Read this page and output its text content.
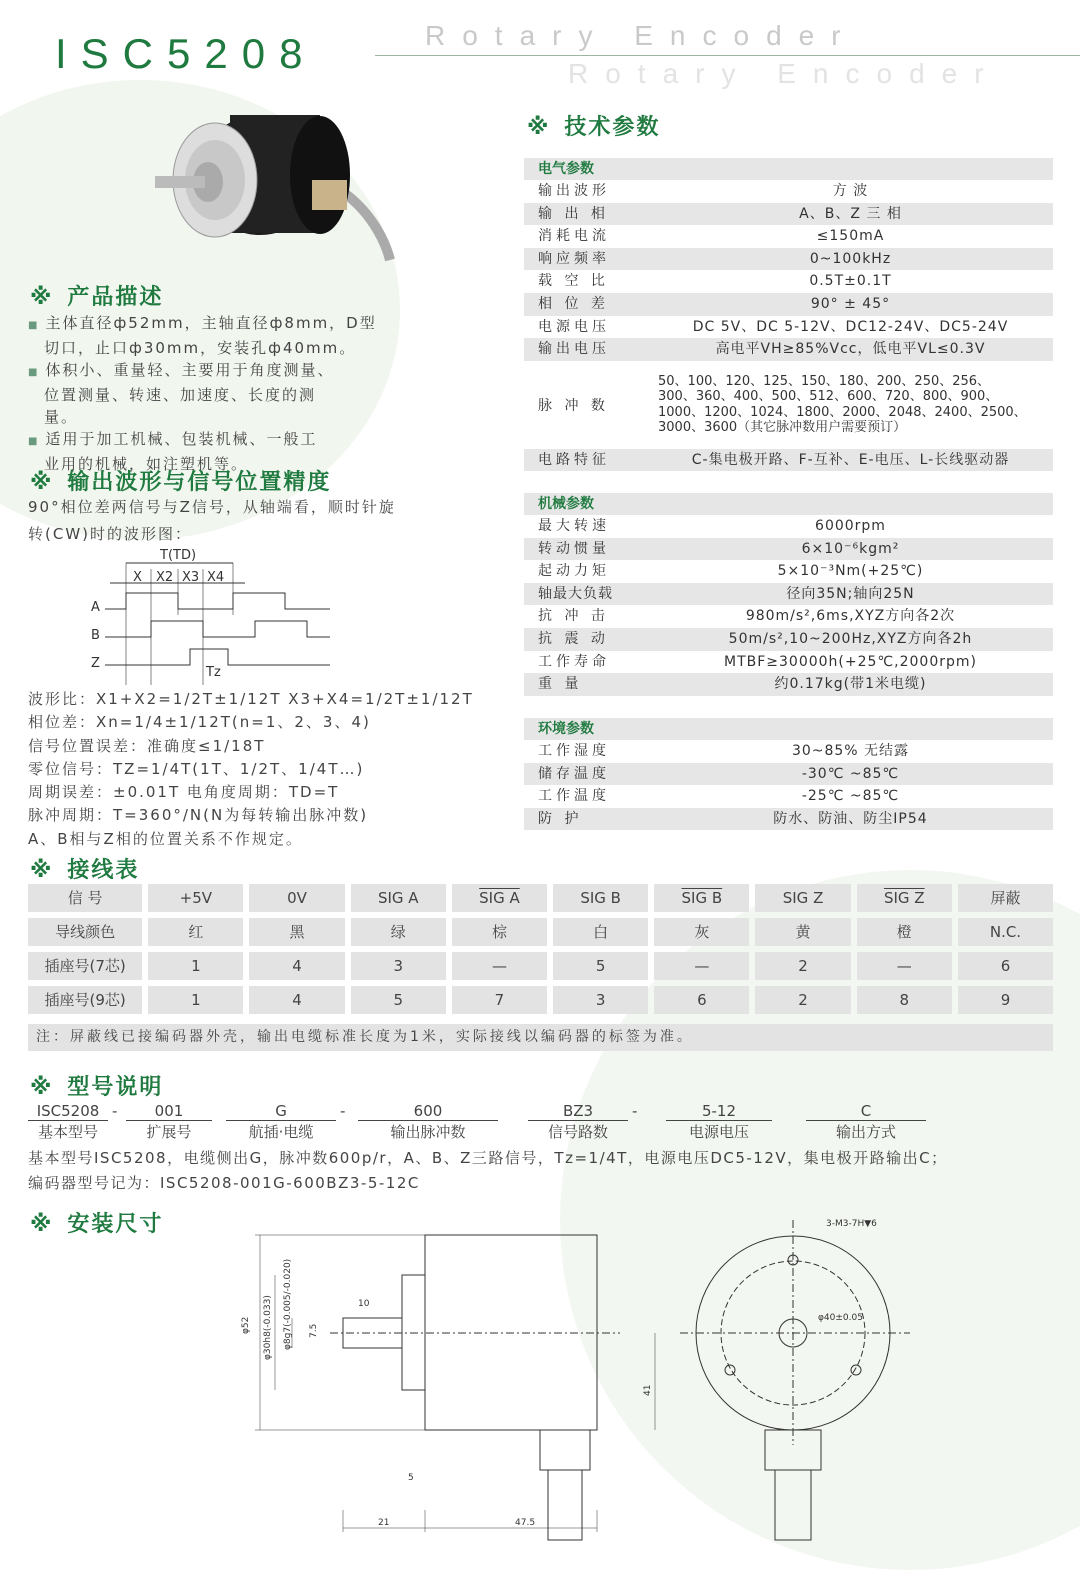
ISC5208	Rotary Encoder
Rotary Encoder
※ 产品描述
■ 主体直径ф52mm，主轴直径ф8mm，D型
切口，止口ф30mm，安装孔ф40mm。
■ 体积小、重量轻、主要用于角度测量、
位置测量、转速、加速度、长度的测
量。
■ 适用于加工机械、包装机械、一般工
业用的机械，如注塑机等。
※ 输出波形与信号位置精度
90°相位差两信号与Z信号，从轴端看，顺时针旋
转(CW)时的波形图：
T(TD)
X X2 X3 X4
A
B
Z
Tz
波形比：X1+X2=1/2T±1/12T X3+X4=1/2T±1/12T
相位差：Xn=1/4±1/12T(n=1、2、3、4)
信号位置误差：准确度≤1/18T
零位信号：TZ=1/4T(1T、1/2T、1/4T…)
周期误差：±0.01T 电角度周期：TD=T
脉冲周期：T=360°/N(N为每转输出脉冲数)
A、B相与Z相的位置关系不作规定。
※ 技术参数
电气参数
输出波形	方 波
输 出 相	A、B、Z 三 相
消耗电流	≤150mA
响应频率	0~100kHz
载 空 比	0.5T±0.1T
相 位 差	90° ± 45°
电源电压	DC 5V、DC 5-12V、DC12-24V、DC5-24V
输出电压	高电平VH≥85%Vcc，低电平VL≤0.3V
脉 冲 数
50、100、120、125、150、180、200、250、256、
300、360、400、500、512、600、720、800、900、
1000、1200、1024、1800、2000、2048、2400、2500、
3000、3600（其它脉冲数用户需要预订）
电路特征	C-集电极开路、F-互补、E-电压、L-长线驱动器
机械参数
最大转速	6000rpm
转动惯量	6×10⁻⁶kgm²
起动力矩	5×10⁻³Nm(+25℃)
轴最大负载	径向35N;轴向25N
抗 冲 击	980m/s²,6ms,XYZ方向各2次
抗 震 动	50m/s²,10~200Hz,XYZ方向各2h
工作寿命	MTBF≥30000h(+25℃,2000rpm)
重 量	约0.17kg(带1米电缆)
环境参数
工作湿度	30~85% 无结露
储存温度	-30℃ ~85℃
工作温度	-25℃ ~85℃
防 护	防水、防油、防尘IP54
※ 接线表
信 号	+5V	0V	SIG A	SIG A	SIG B	SIG B	SIG Z	SIG Z	屏蔽
导线颜色	红	黑	绿	棕	白	灰	黄	橙	N.C.
插座号(7芯)	1	4	3	—	5	—	2	—	6
插座号(9芯)	1	4	5	7	3	6	2	8	9
注：屏蔽线已接编码器外壳，输出电缆标准长度为1米，实际接线以编码器的标签为准。
※ 型号说明
ISC5208
基本型号
-	001
扩展号
G
航插·电缆
-	600
输出脉冲数
BZ3
信号路数
-	5-12
电源电压
C
输出方式
基本型号ISC5208，电缆侧出G，脉冲数600p/r，A、B、Z三路信号，Tz=1/4T，电源电压DC5-12V，集电极开路输出C；
编码器型号记为：ISC5208-001G-600BZ3-5-12C
※ 安装尺寸
φ52 φ30h8(-0.033) φ8g7(-0.005/-0.020)	10
7.5
41
5
21	47.5
3-M3-7H▼6
φ40±0.05
